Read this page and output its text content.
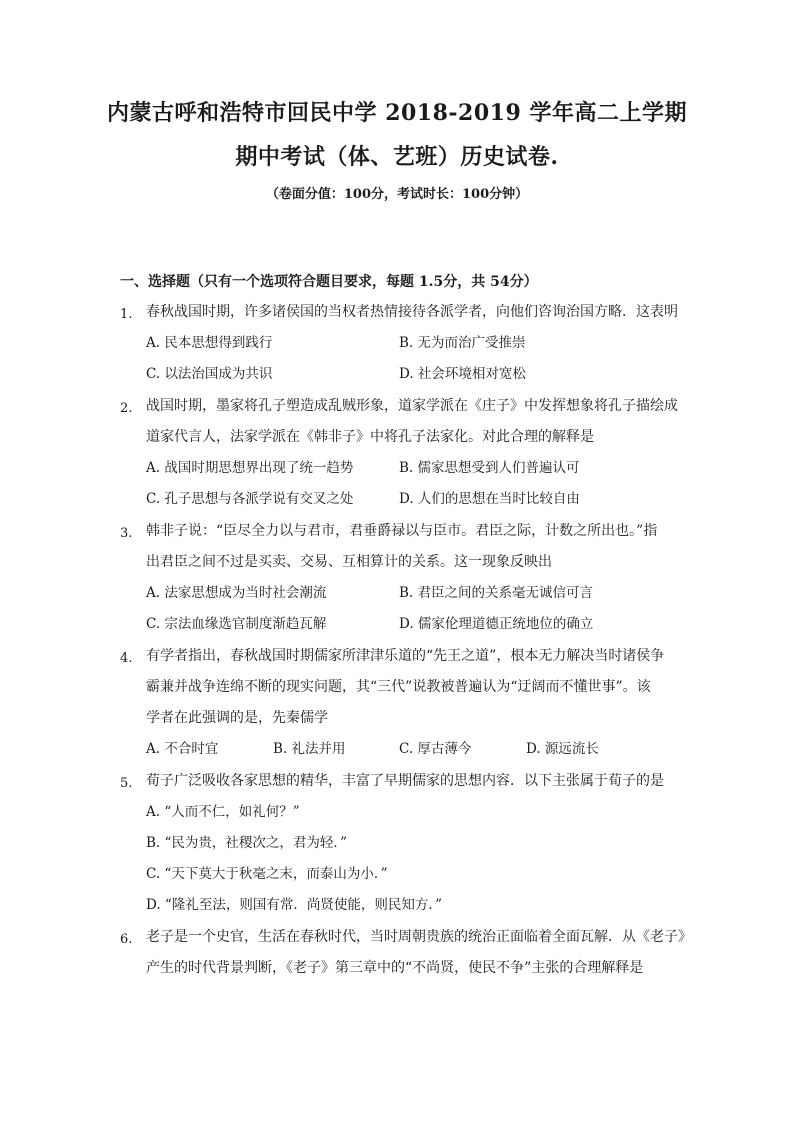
内蒙古呼和浩特市回民中学 2018-2019 学年高二上学期
期中考试（体、艺班）历史试卷.
（卷面分值：100分，考试时长：100分钟）
一、选择题（只有一个选项符合题目要求，每题 1.5分，共 54分）
1. 春秋战国时期，许多诸侯国的当权者热情接待各派学者，向他们咨询治国方略．这表明
A. 民本思想得到践行	B. 无为而治广受推崇
C. 以法治国成为共识	D. 社会环境相对宽松
2. 战国时期，墨家将孔子塑造成乱贼形象，道家学派在《庄子》中发挥想象将孔子描绘成
道家代言人，法家学派在《韩非子》中将孔子法家化。对此合理的解释是
A. 战国时期思想界出现了统一趋势	B. 儒家思想受到人们普遍认可
C. 孔子思想与各派学说有交叉之处	D. 人们的思想在当时比较自由
3. 韩非子说：“臣尽全力以与君市，君垂爵禄以与臣市。君臣之际，计数之所出也。”指
出君臣之间不过是买卖、交易、互相算计的关系。这一现象反映出
A. 法家思想成为当时社会潮流	B. 君臣之间的关系毫无诚信可言
C. 宗法血缘选官制度渐趋瓦解	D. 儒家伦理道德正统地位的确立
4. 有学者指出，春秋战国时期儒家所津津乐道的“先王之道”，根本无力解决当时诸侯争
霸兼并战争连绵不断的现实问题，其“三代”说教被普遍认为“迂阔而不懂世事”。该
学者在此强调的是，先秦儒学
A. 不合时宜	B. 礼法并用	C. 厚古薄今	D. 源远流长
5. 荀子广泛吸收各家思想的精华，丰富了早期儒家的思想内容．以下主张属于荀子的是
A. “人而不仁，如礼何？”
B. “民为贵，社稷次之，君为轻．”
C. “天下莫大于秋毫之末，而泰山为小．”
D. “隆礼至法，则国有常．尚贤使能，则民知方．”
6. 老子是一个史官，生活在春秋时代，当时周朝贵族的统治正面临着全面瓦解．从《老子》
产生的时代背景判断，《老子》第三章中的“不尚贤，使民不争”主张的合理解释是
